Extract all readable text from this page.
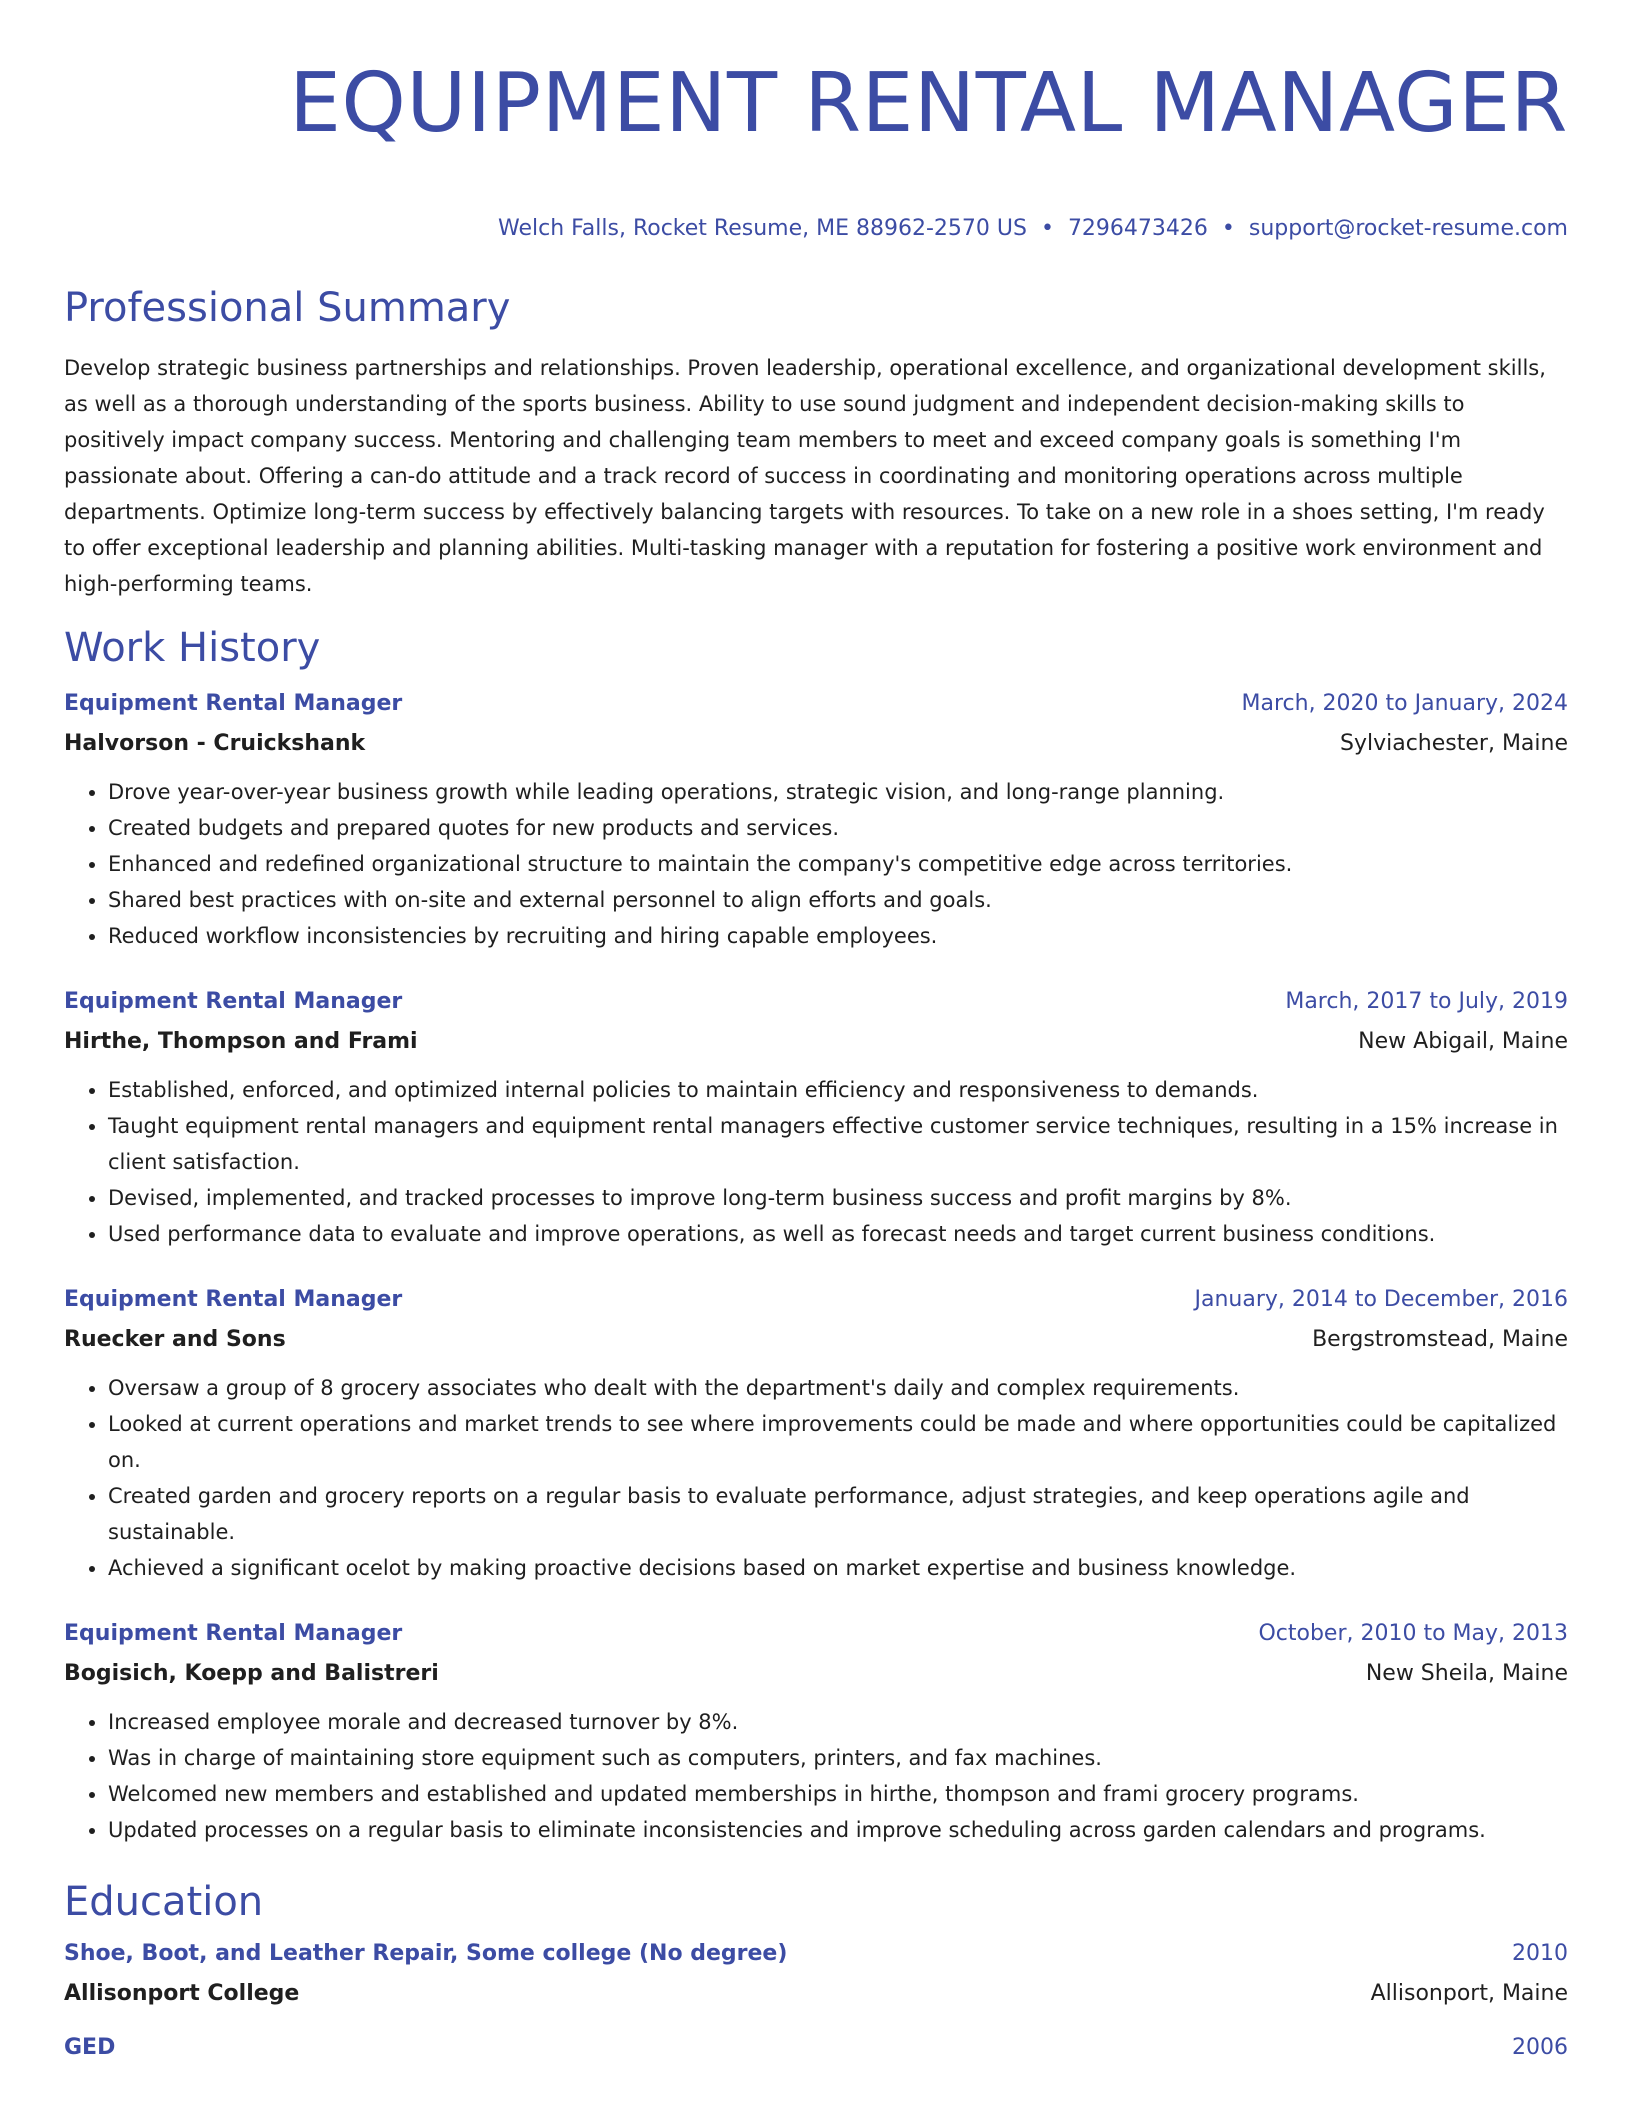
EQUIPMENT RENTAL MANAGER
Welch Falls, Rocket Resume, ME 88962-2570 US • 7296473426 • support@rocket-resume.com
Professional Summary
Develop strategic business partnerships and relationships. Proven leadership, operational excellence, and organizational development skills, as well as a thorough understanding of the sports business. Ability to use sound judgment and independent decision-making skills to positively impact company success. Mentoring and challenging team members to meet and exceed company goals is something I'm passionate about. Offering a can-do attitude and a track record of success in coordinating and monitoring operations across multiple departments. Optimize long-term success by effectively balancing targets with resources. To take on a new role in a shoes setting, I'm ready to offer exceptional leadership and planning abilities. Multi-tasking manager with a reputation for fostering a positive work environment and high-performing teams.
Work History
Equipment Rental Manager	March, 2020 to January, 2024
Halvorson - Cruickshank	Sylviachester, Maine
• Drove year-over-year business growth while leading operations, strategic vision, and long-range planning.
• Created budgets and prepared quotes for new products and services.
• Enhanced and redefined organizational structure to maintain the company's competitive edge across territories.
• Shared best practices with on-site and external personnel to align efforts and goals.
• Reduced workflow inconsistencies by recruiting and hiring capable employees.
Equipment Rental Manager	March, 2017 to July, 2019
Hirthe, Thompson and Frami	New Abigail, Maine
• Established, enforced, and optimized internal policies to maintain efficiency and responsiveness to demands.
• Taught equipment rental managers and equipment rental managers effective customer service techniques, resulting in a 15% increase in client satisfaction.
• Devised, implemented, and tracked processes to improve long-term business success and profit margins by 8%.
• Used performance data to evaluate and improve operations, as well as forecast needs and target current business conditions.
Equipment Rental Manager	January, 2014 to December, 2016
Ruecker and Sons	Bergstromstead, Maine
• Oversaw a group of 8 grocery associates who dealt with the department's daily and complex requirements.
• Looked at current operations and market trends to see where improvements could be made and where opportunities could be capitalized on.
• Created garden and grocery reports on a regular basis to evaluate performance, adjust strategies, and keep operations agile and sustainable.
• Achieved a significant ocelot by making proactive decisions based on market expertise and business knowledge.
Equipment Rental Manager	October, 2010 to May, 2013
Bogisich, Koepp and Balistreri	New Sheila, Maine
• Increased employee morale and decreased turnover by 8%.
• Was in charge of maintaining store equipment such as computers, printers, and fax machines.
• Welcomed new members and established and updated memberships in hirthe, thompson and frami grocery programs.
• Updated processes on a regular basis to eliminate inconsistencies and improve scheduling across garden calendars and programs.
Education
Shoe, Boot, and Leather Repair, Some college (No degree)	2010
Allisonport College	Allisonport, Maine
GED	2006
